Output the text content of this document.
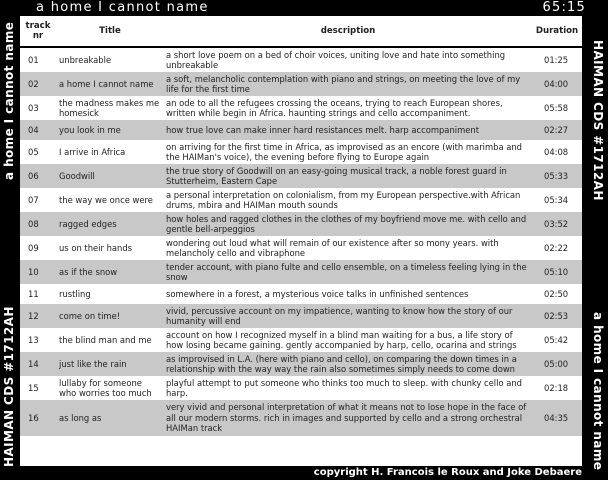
a home I cannot name	65:15
a home I cannot name
HAIMAN CDS #1712AH
HAIMAN CDS #1712AH
a home I cannot name
track nr	Title	description	Duration
01	unbreakable	a short love poem on a bed of choir voices, uniting love and hate into something unbreakable	01:25
02	a home I cannot name	a soft, melancholic contemplation with piano and strings, on meeting the love of my life for the first time	04:00
03	the madness makes me homesick	an ode to all the refugees crossing the oceans, trying to reach European shores, written while begin in Africa. haunting strings and cello accompaniment.	05:58
04	you look in me	how true love can make inner hard resistances melt. harp accompaniment	02:27
05	I arrive in Africa	on arriving for the first time in Africa, as improvised as an encore (with marimba and the HAIMan's voice), the evening before flying to Europe again	04:08
06	Goodwill	the true story of Goodwill on an easy-going musical track, a noble forest guard in Stutterheim, Eastern Cape	05:33
07	the way we once were	a personal interpretation on colonialism, from my European perspective.with African drums, mbira and HAIMan mouth sounds	05:34
08	ragged edges	how holes and ragged clothes in the clothes of my boyfriend move me. with cello and gentle bell-arpeggios	03:52
09	us on their hands	wondering out loud what will remain of our existence after so mony years. with melancholy cello and vibraphone	02:22
10	as if the snow	tender account, with piano fulte and cello ensemble, on a timeless feeling lying in the snow	05:10
11	rustling	somewhere in a forest, a mysterious voice talks in unfinished sentences	02:50
12	come on time!	vivid, percussive account on my impatience, wanting to know how the story of our humanity will end	02:53
13	the blind man and me	account on how I recognized myself in a blind man waiting for a bus, a life story of how losing became gaining. gently accompanied by harp, cello, ocarina and strings	05:42
14	just like the rain	as improvised in L.A. (here with piano and cello), on comparing the down times in a relationship with the way way the rain also sometimes simply needs to come down	05:00
15	lullaby for someone who worries too much	playful attempt to put someone who thinks too much to sleep. with chunky cello and harp.	02:18
16	as long as	very vivid and personal interpretation of what it means not to lose hope in the face of all our modern storms. rich in images and supported by cello and a strong orchestral HAIMan track	04:35
copyright H. Francois le Roux and Joke Debaere
